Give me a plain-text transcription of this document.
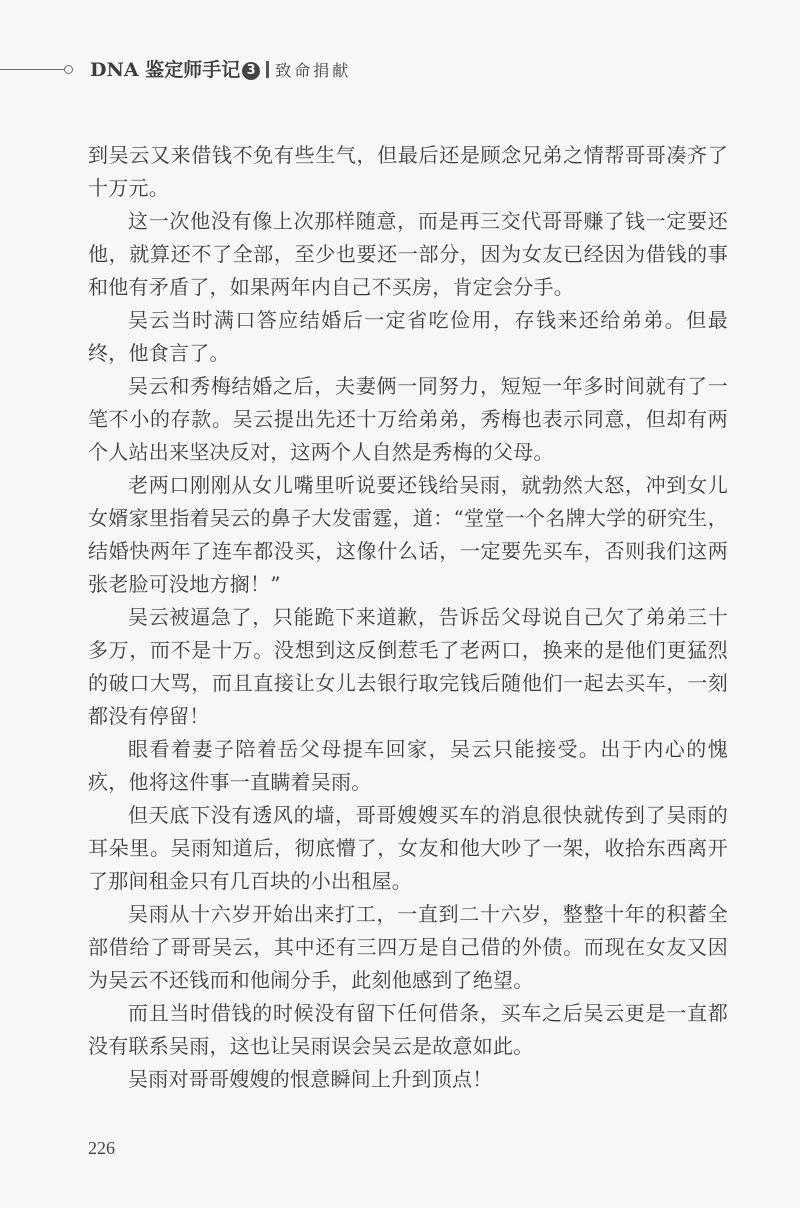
DNA 鉴定师手记 3 致命捐献

到吴云又来借钱不免有些生气，但最后还是顾念兄弟之情帮哥哥凑齐了十万元。

这一次他没有像上次那样随意，而是再三交代哥哥赚了钱一定要还他，就算还不了全部，至少也要还一部分，因为女友已经因为借钱的事和他有矛盾了，如果两年内自己不买房，肯定会分手。

吴云当时满口答应结婚后一定省吃俭用，存钱来还给弟弟。但最终，他食言了。

吴云和秀梅结婚之后，夫妻俩一同努力，短短一年多时间就有了一笔不小的存款。吴云提出先还十万给弟弟，秀梅也表示同意，但却有两个人站出来坚决反对，这两个人自然是秀梅的父母。

老两口刚刚从女儿嘴里听说要还钱给吴雨，就勃然大怒，冲到女儿女婿家里指着吴云的鼻子大发雷霆，道：“堂堂一个名牌大学的研究生，结婚快两年了连车都没买，这像什么话，一定要先买车，否则我们这两张老脸可没地方搁！”

吴云被逼急了，只能跪下来道歉，告诉岳父母说自己欠了弟弟三十多万，而不是十万。没想到这反倒惹毛了老两口，换来的是他们更猛烈的破口大骂，而且直接让女儿去银行取完钱后随他们一起去买车，一刻都没有停留！

眼看着妻子陪着岳父母提车回家，吴云只能接受。出于内心的愧疚，他将这件事一直瞒着吴雨。

但天底下没有透风的墙，哥哥嫂嫂买车的消息很快就传到了吴雨的耳朵里。吴雨知道后，彻底懵了，女友和他大吵了一架，收拾东西离开了那间租金只有几百块的小出租屋。

吴雨从十六岁开始出来打工，一直到二十六岁，整整十年的积蓄全部借给了哥哥吴云，其中还有三四万是自己借的外债。而现在女友又因为吴云不还钱而和他闹分手，此刻他感到了绝望。

而且当时借钱的时候没有留下任何借条，买车之后吴云更是一直都没有联系吴雨，这也让吴雨误会吴云是故意如此。

吴雨对哥哥嫂嫂的恨意瞬间上升到顶点！

226
